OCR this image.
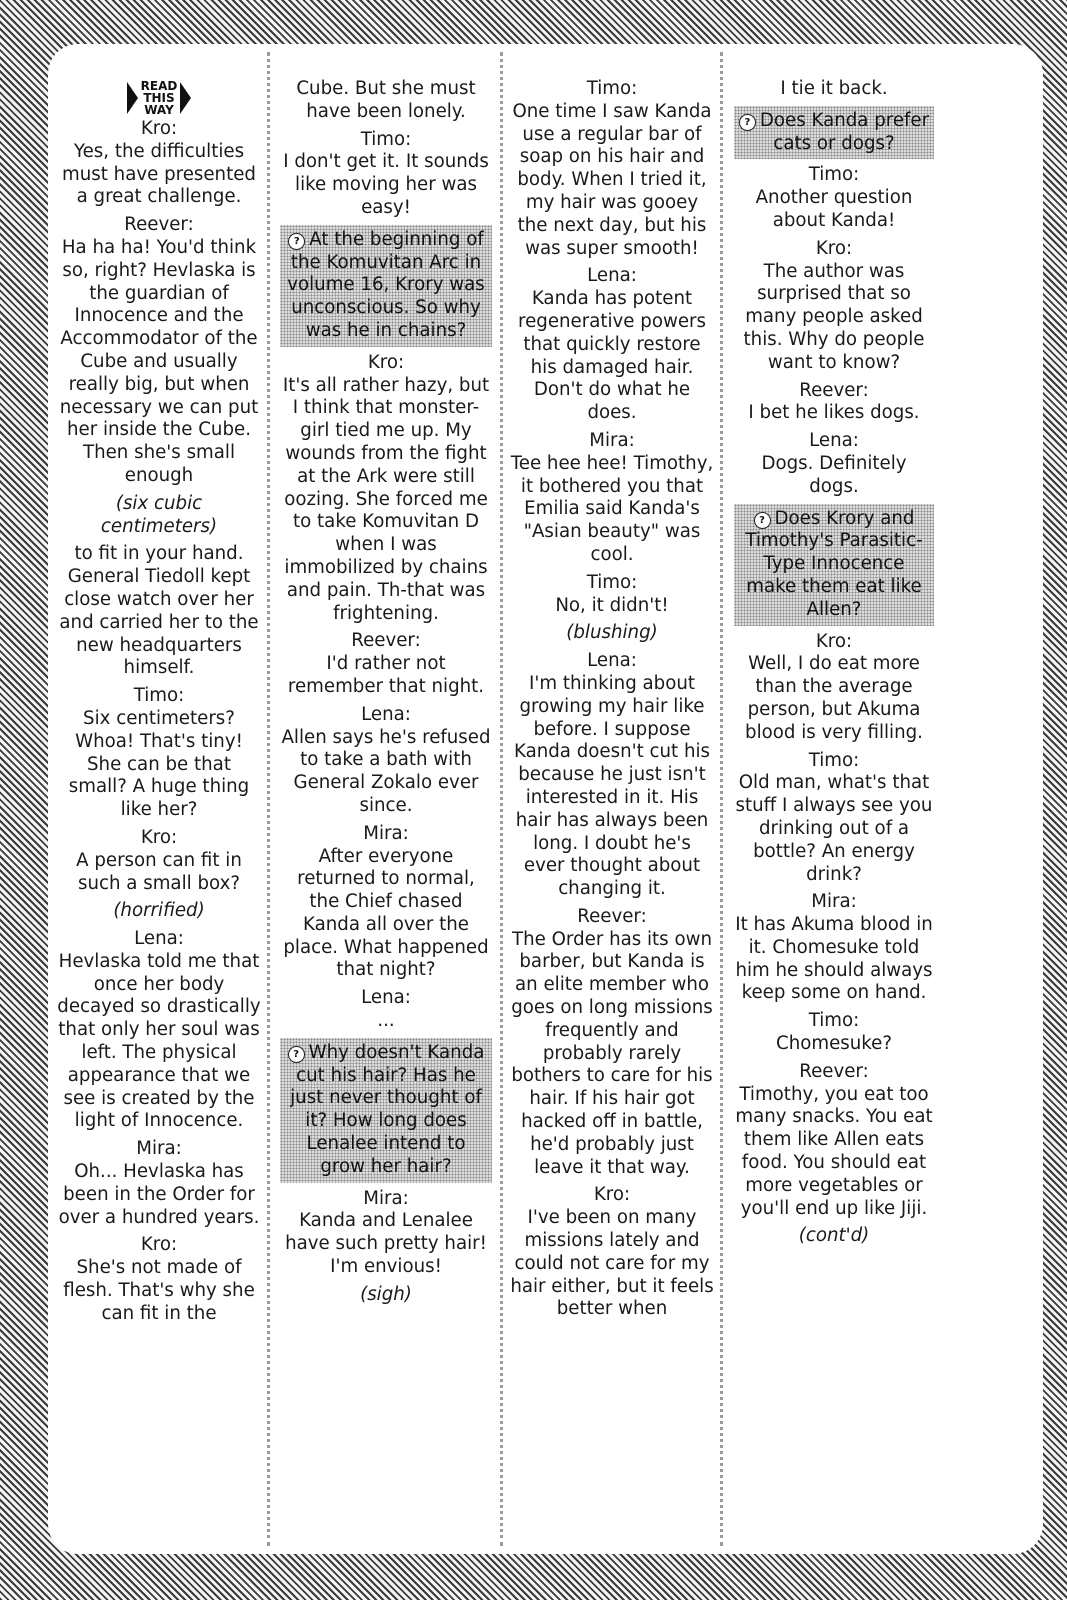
READ
THIS
WAY

Kro:

Yes, the difficulties must have presented a great challenge.

Reever:

Ha ha ha! You'd think so, right? Hevlaska is the guardian of Innocence and the Accommodator of the Cube and usually really big, but when necessary we can put her inside the Cube. Then she's small enough

(six cubic centimeters)

to fit in your hand. General Tiedoll kept close watch over her and carried her to the new headquarters himself.

Timo:

Six centimeters? Whoa! That's tiny! She can be that small? A huge thing like her?

Kro:

A person can fit in such a small box?

(horrified)

Lena:

Hevlaska told me that once her body decayed so drastically that only her soul was left. The physical appearance that we see is created by the light of Innocence.

Mira:

Oh... Hevlaska has been in the Order for over a hundred years.

Kro:

She's not made of flesh. That's why she can fit in the

Cube. But she must have been lonely.

Timo:

I don't get it. It sounds like moving her was easy!

? At the beginning of the Komuvitan Arc in volume 16, Krory was unconscious. So why was he in chains?

Kro:

It's all rather hazy, but I think that monster-girl tied me up. My wounds from the fight at the Ark were still oozing. She forced me to take Komuvitan D when I was immobilized by chains and pain. Th-that was frightening.

Reever:

I'd rather not remember that night.

Lena:

Allen says he's refused to take a bath with General Zokalo ever since.

Mira:

After everyone returned to normal, the Chief chased Kanda all over the place. What happened that night?

Lena:

...

? Why doesn't Kanda cut his hair? Has he just never thought of it? How long does Lenalee intend to grow her hair?

Mira:

Kanda and Lenalee have such pretty hair! I'm envious!

(sigh)

Timo:

One time I saw Kanda use a regular bar of soap on his hair and body. When I tried it, my hair was gooey the next day, but his was super smooth!

Lena:

Kanda has potent regenerative powers that quickly restore his damaged hair. Don't do what he does.

Mira:

Tee hee hee! Timothy, it bothered you that Emilia said Kanda's "Asian beauty" was cool.

Timo:

No, it didn't!

(blushing)

Lena:

I'm thinking about growing my hair like before. I suppose Kanda doesn't cut his because he just isn't interested in it. His hair has always been long. I doubt he's ever thought about changing it.

Reever:

The Order has its own barber, but Kanda is an elite member who goes on long missions frequently and probably rarely bothers to care for his hair. If his hair got hacked off in battle, he'd probably just leave it that way.

Kro:

I've been on many missions lately and could not care for my hair either, but it feels better when

I tie it back.

? Does Kanda prefer cats or dogs?

Timo:

Another question about Kanda!

Kro:

The author was surprised that so many people asked this. Why do people want to know?

Reever:

I bet he likes dogs.

Lena:

Dogs. Definitely dogs.

? Does Krory and Timothy's Parasitic-Type Innocence make them eat like Allen?

Kro:

Well, I do eat more than the average person, but Akuma blood is very filling.

Timo:

Old man, what's that stuff I always see you drinking out of a bottle? An energy drink?

Mira:

It has Akuma blood in it. Chomesuke told him he should always keep some on hand.

Timo:

Chomesuke?

Reever:

Timothy, you eat too many snacks. You eat them like Allen eats food. You should eat more vegetables or you'll end up like Jiji.

(cont'd)
